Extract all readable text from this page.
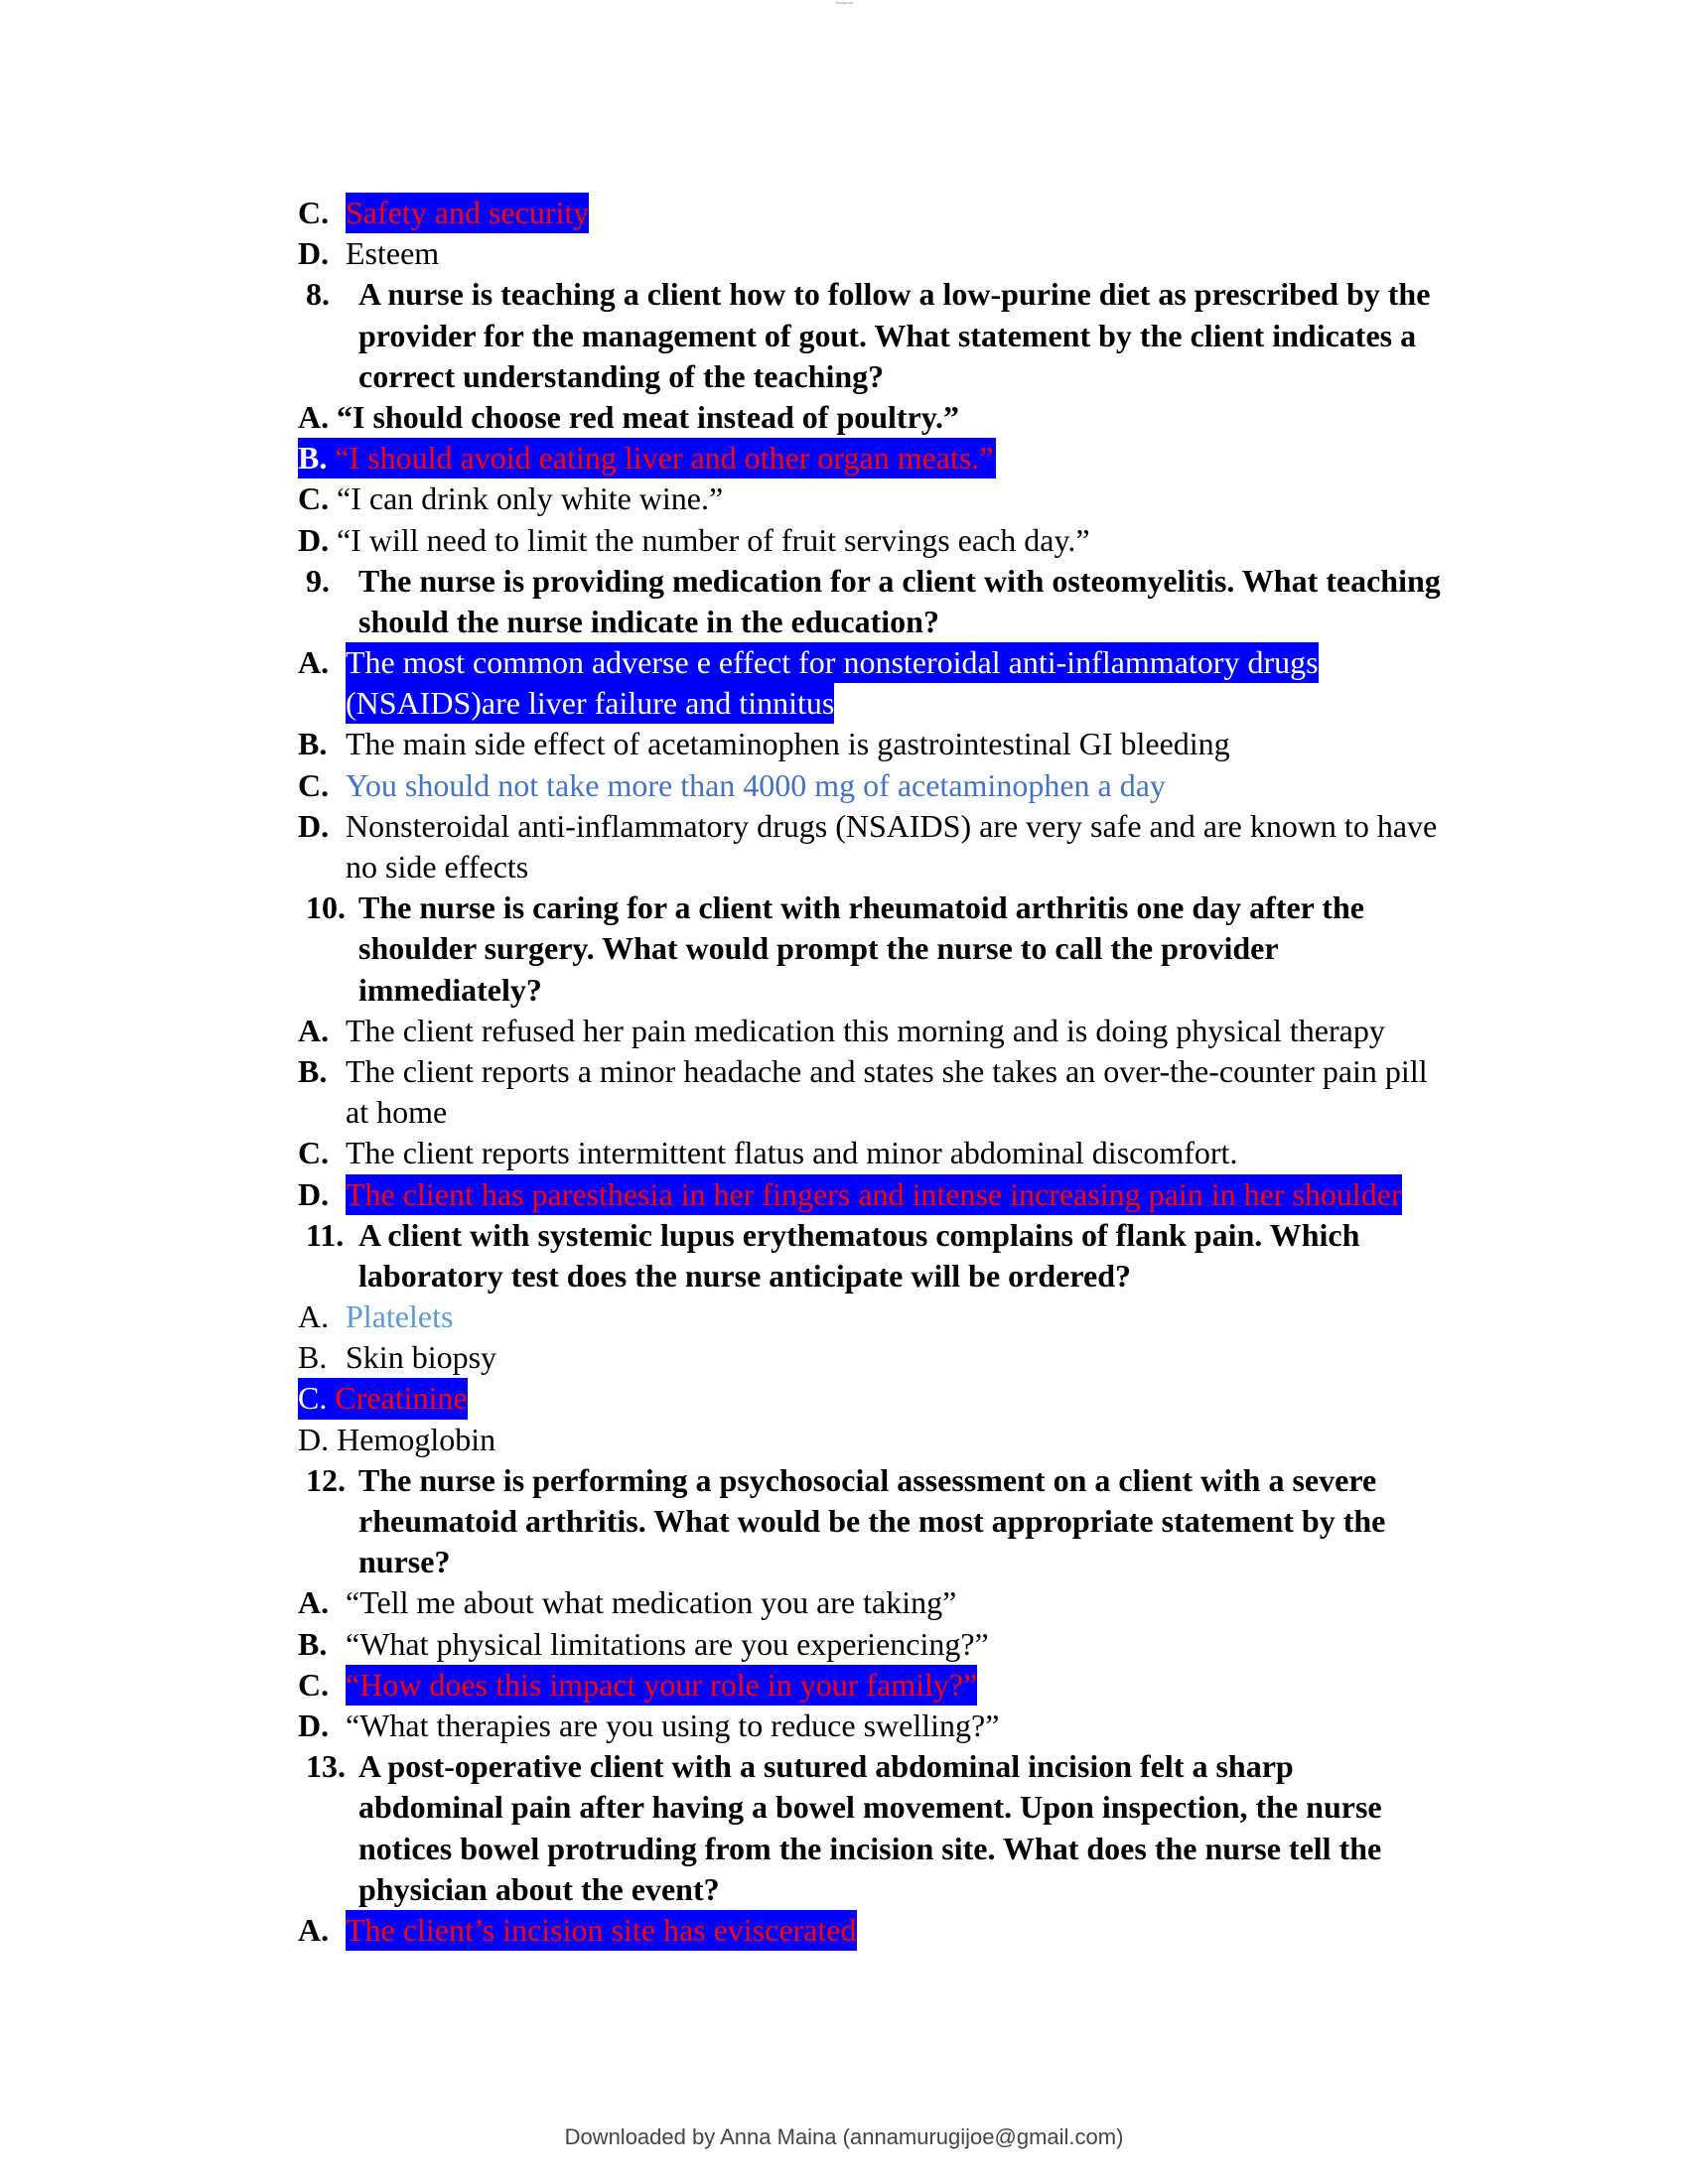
Studypool
C. Safety and security
D. Esteem
8. A nurse is teaching a client how to follow a low-purine diet as prescribed by the
provider for the management of gout. What statement by the client indicates a
correct understanding of the teaching?
A. “I should choose red meat instead of poultry.”
B. “I should avoid eating liver and other organ meats.”
C. “I can drink only white wine.”
D. “I will need to limit the number of fruit servings each day.”
9. The nurse is providing medication for a client with osteomyelitis. What teaching
should the nurse indicate in the education?
A. The most common adverse e effect for nonsteroidal anti-inflammatory drugs
(NSAIDS)are liver failure and tinnitus
B. The main side effect of acetaminophen is gastrointestinal GI bleeding
C. You should not take more than 4000 mg of acetaminophen a day
D. Nonsteroidal anti-inflammatory drugs (NSAIDS) are very safe and are known to have
no side effects
10. The nurse is caring for a client with rheumatoid arthritis one day after the
shoulder surgery. What would prompt the nurse to call the provider
immediately?
A. The client refused her pain medication this morning and is doing physical therapy
B. The client reports a minor headache and states she takes an over-the-counter pain pill
at home
C. The client reports intermittent flatus and minor abdominal discomfort.
D. The client has paresthesia in her fingers and intense increasing pain in her shoulder
11. A client with systemic lupus erythematous complains of flank pain. Which
laboratory test does the nurse anticipate will be ordered?
A. Platelets
B. Skin biopsy
C. Creatinine
D. Hemoglobin
12. The nurse is performing a psychosocial assessment on a client with a severe
rheumatoid arthritis. What would be the most appropriate statement by the
nurse?
A. “Tell me about what medication you are taking”
B. “What physical limitations are you experiencing?”
C. “How does this impact your role in your family?”
D. “What therapies are you using to reduce swelling?”
13. A post-operative client with a sutured abdominal incision felt a sharp
abdominal pain after having a bowel movement. Upon inspection, the nurse
notices bowel protruding from the incision site. What does the nurse tell the
physician about the event?
A. The client’s incision site has eviscerated
Downloaded by Anna Maina (annamurugijoe@gmail.com)
